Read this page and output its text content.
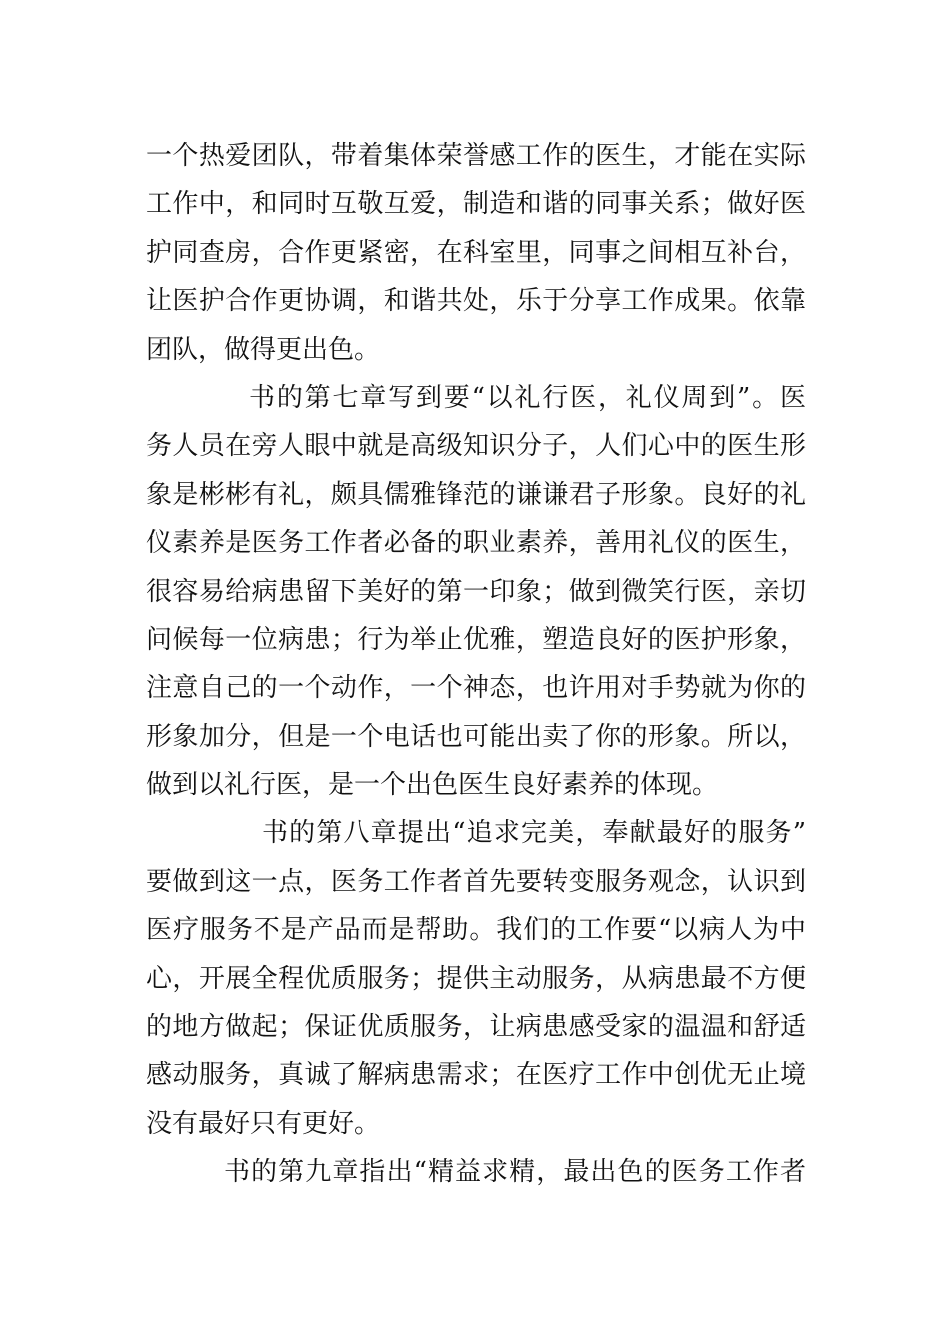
一个热爱团队，带着集体荣誉感工作的医生，才能在实际
工作中，和同时互敬互爱，制造和谐的同事关系；做好医
护同查房，合作更紧密，在科室里，同事之间相互补台，
让医护合作更协调，和谐共处，乐于分享工作成果。依靠
团队，做得更出色。
书的第七章写到要“以礼行医，礼仪周到”。医
务人员在旁人眼中就是高级知识分子，人们心中的医生形
象是彬彬有礼，颇具儒雅锋范的谦谦君子形象。良好的礼
仪素养是医务工作者必备的职业素养，善用礼仪的医生，
很容易给病患留下美好的第一印象；做到微笑行医，亲切
问候每一位病患；行为举止优雅，塑造良好的医护形象，
注意自己的一个动作，一个神态，也许用对手势就为你的
形象加分，但是一个电话也可能出卖了你的形象。所以，
做到以礼行医，是一个出色医生良好素养的体现。
书的第八章提出“追求完美，奉献最好的服务”
要做到这一点，医务工作者首先要转变服务观念，认识到
医疗服务不是产品而是帮助。我们的工作要“以病人为中
心，开展全程优质服务；提供主动服务，从病患最不方便
的地方做起；保证优质服务，让病患感受家的温温和舒适
感动服务，真诚了解病患需求；在医疗工作中创优无止境
没有最好只有更好。
书的第九章指出“精益求精，最出色的医务工作者
